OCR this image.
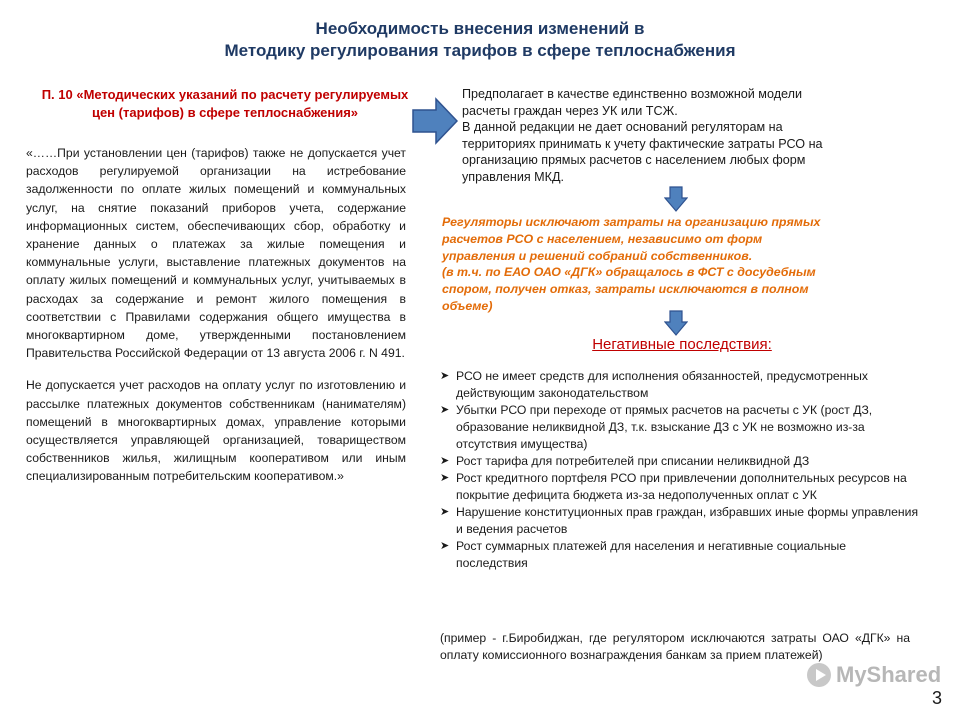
Необходимость внесения изменений в
Методику регулирования тарифов в сфере теплоснабжения
П. 10 «Методических указаний по расчету регулируемых цен (тарифов) в сфере теплоснабжения»

«……При установлении цен (тарифов) также не допускается учет расходов регулируемой организации на истребование задолженности по оплате жилых помещений и коммунальных услуг, на снятие показаний приборов учета, содержание информационных систем, обеспечивающих сбор, обработку и хранение данных о платежах за жилые помещения и коммунальные услуги, выставление платежных документов на оплату жилых помещений и коммунальных услуг, учитываемых в расходах за содержание и ремонт жилого помещения в соответствии с Правилами содержания общего имущества в многоквартирном доме, утвержденными постановлением Правительства Российской Федерации от 13 августа 2006 г. N 491.

Не допускается учет расходов на оплату услуг по изготовлению и рассылке платежных документов собственникам (нанимателям) помещений в многоквартирных домах, управление которыми осуществляется управляющей организацией, товариществом собственников жилья, жилищным кооперативом или иным специализированным потребительским кооперативом.»

Предполагает в качестве единственно возможной модели
расчеты граждан через УК или ТСЖ.
В данной редакции не дает оснований регуляторам на
территориях принимать к учету фактические затраты РСО на
организацию прямых расчетов с населением любых форм
управления МКД.
Регуляторы исключают затраты на организацию прямых
расчетов РСО с населением, независимо от форм
управления и решений собраний собственников.
(в т.ч. по ЕАО ОАО «ДГК» обращалось в ФСТ с досудебным
спором, получен отказ, затраты исключаются в полном
объеме)
Негативные последствия:
➤ РСО не имеет средств для исполнения обязанностей, предусмотренных действующим законодательством
➤ Убытки РСО при переходе от прямых расчетов на расчеты с УК (рост ДЗ, образование неликвидной ДЗ, т.к. взыскание ДЗ с УК не возможно из-за отсутствия имущества)
➤ Рост тарифа для потребителей при списании неликвидной ДЗ
➤ Рост кредитного портфеля РСО при привлечении дополнительных ресурсов на покрытие дефицита бюджета из-за недополученных оплат с УК
➤ Нарушение конституционных прав граждан, избравших иные формы управления и ведения расчетов
➤ Рост суммарных платежей для населения и негативные социальные последствия
(пример - г.Биробиджан, где регулятором исключаются затраты ОАО «ДГК» на оплату комиссионного вознаграждения банкам за прием платежей)
MyShared
3
